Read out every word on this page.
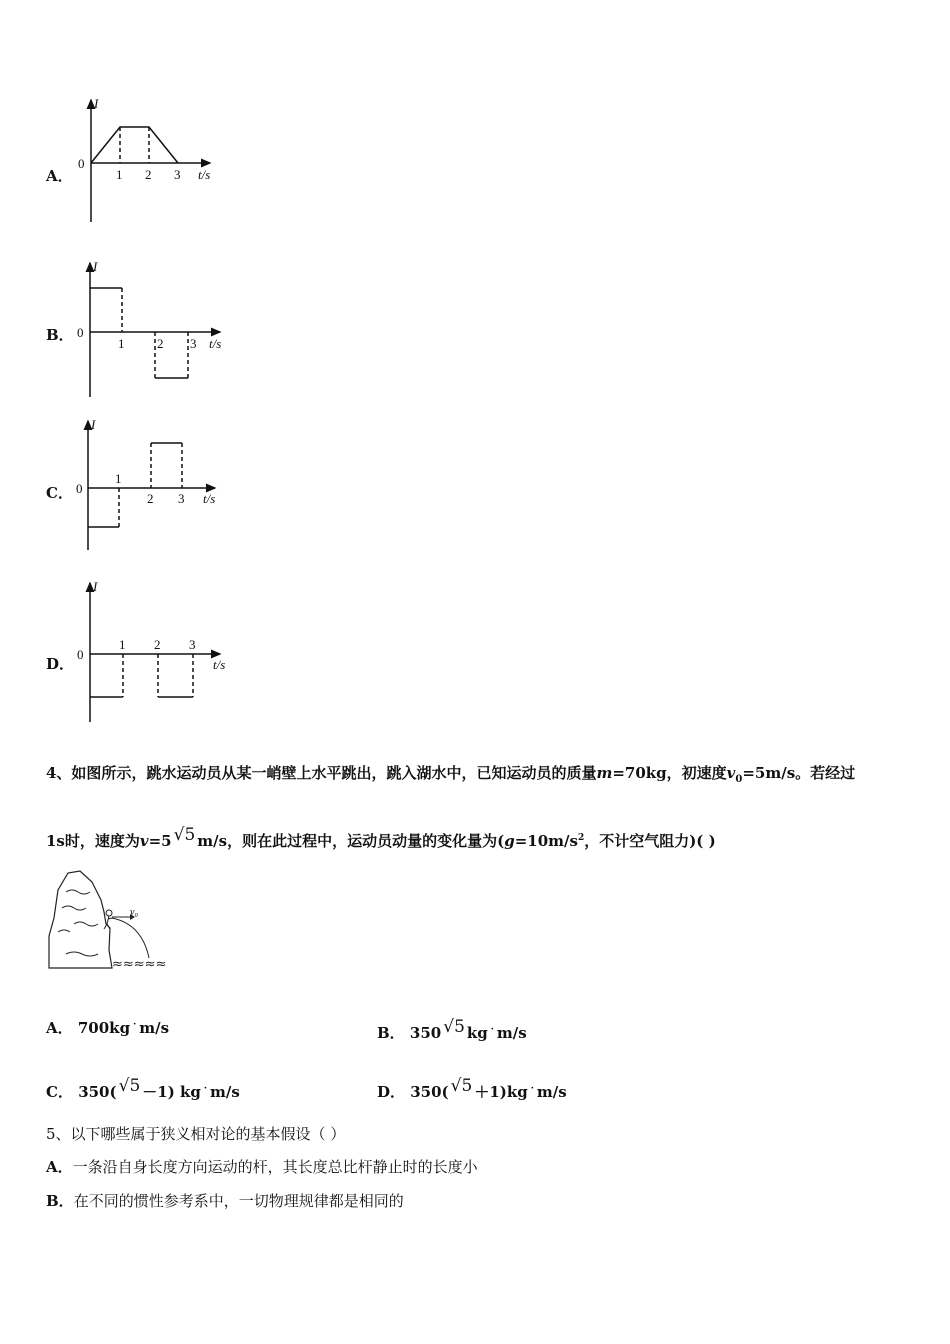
A．
I
0
1 2 3 t/s
B．
I
0
1	2 3 t/s
C．
I
0
1
2 3 t/s
D．
I
0
1 2 3
t/s
4、如图所示，跳水运动员从某一峭壁上水平跳出，跳入湖水中，已知运动员的质量m=70kg，初速度$v_0=5m/s$。若经过
1s时，速度为v=5 √5 m/s，则在此过程中，运动员动量的变化量为($g=10m/s^2$，不计空气阻力)( )
v₀
≈≈≈≈≈
A． 700kg · m/s	B． 350 √5 kg · m/s
C． 350( √5 －1) kg · m/s	D． 350( √5 ＋1)kg · m/s
5、以下哪些属于狭义相对论的基本假设（ ）
A．一条沿自身长度方向运动的杆，其长度总比杆静止时的长度小
B．在不同的惯性参考系中，一切物理规律都是相同的
